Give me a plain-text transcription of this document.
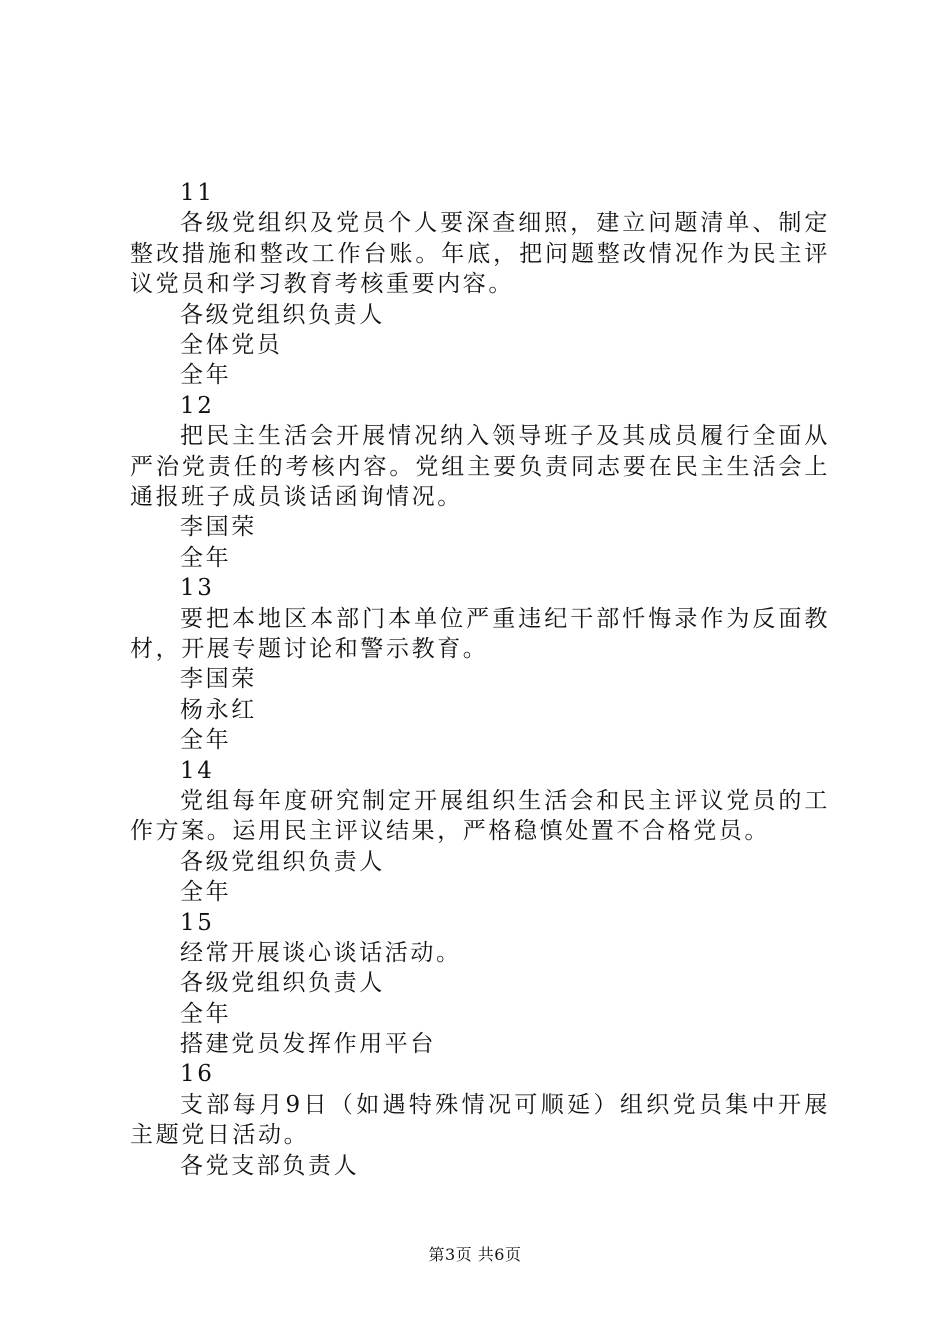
11
各级党组织及党员个人要深查细照，建立问题清单、制定整改措施和整改工作台账。年底，把问题整改情况作为民主评议党员和学习教育考核重要内容。
各级党组织负责人
全体党员
全年
12
把民主生活会开展情况纳入领导班子及其成员履行全面从严治党责任的考核内容。党组主要负责同志要在民主生活会上通报班子成员谈话函询情况。
李国荣
全年
13
要把本地区本部门本单位严重违纪干部忏悔录作为反面教材，开展专题讨论和警示教育。
李国荣
杨永红
全年
14
党组每年度研究制定开展组织生活会和民主评议党员的工作方案。运用民主评议结果，严格稳慎处置不合格党员。
各级党组织负责人
全年
15
经常开展谈心谈话活动。
各级党组织负责人
全年
搭建党员发挥作用平台
16
支部每月9日（如遇特殊情况可顺延）组织党员集中开展主题党日活动。
各党支部负责人
第3页 共6页
